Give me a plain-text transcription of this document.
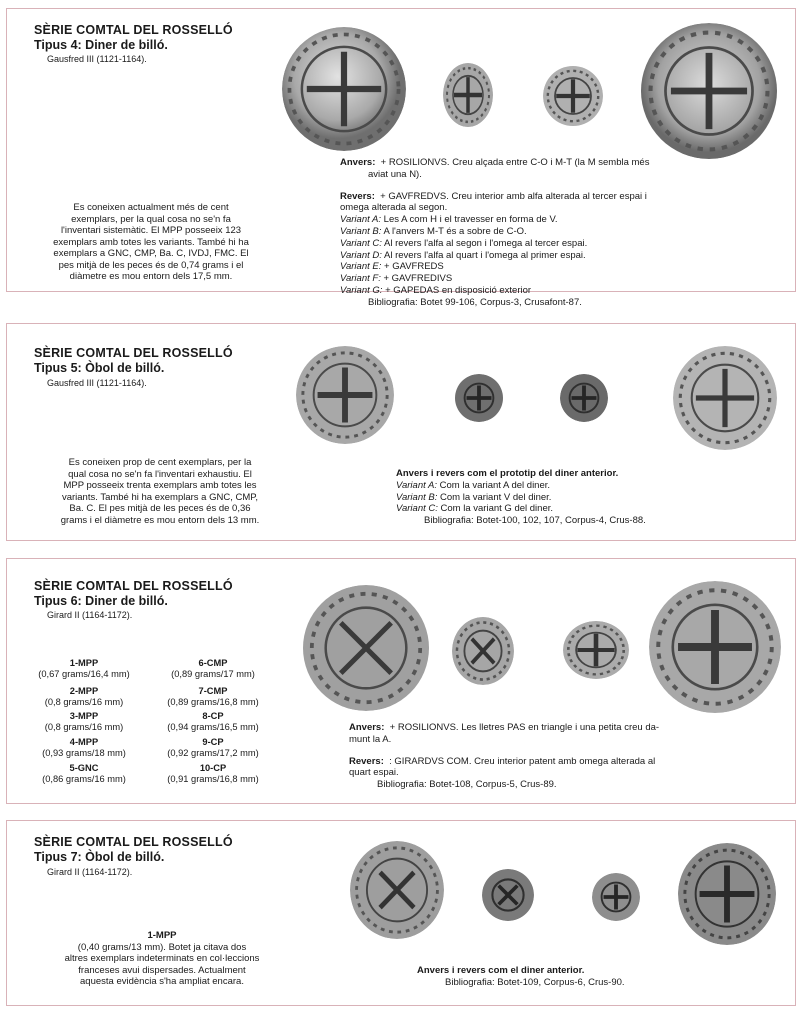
SÈRIE COMTAL DEL ROSSELLÓ
Tipus 4: Diner de billó.
Gausfred III (1121-1164).
Es coneixen actualment més de cent
exemplars, per la qual cosa no se'n fa
l'inventari sistemàtic. El MPP posseeix 123
exemplars amb totes les variants. També hi ha
exemplars a GNC, CMP, Ba. C, IVDJ, FMC. El
pes mitjà de les peces és de 0,74 grams i el
diàmetre es mou entorn dels 17,5 mm.
Anvers: + ROSILIONVS. Creu alçada entre C-O i M-T (la M sembla més
aviat una N).
Revers: + GAVFREDVS. Creu interior amb alfa alterada al tercer espai i
omega alterada al segon.
Variant A: Les A com H i el travesser en forma de V.
Variant B: A l'anvers M-T és a sobre de C-O.
Variant C: Al revers l'alfa al segon i l'omega al tercer espai.
Variant D: Al revers l'alfa al quart i l'omega al primer espai.
Variant E: + GAVFREDS
Variant F: + GAVFREDIVS
Variant G: + GAPEDAS en disposició exterior
Bibliografia: Botet 99-106, Corpus-3, Crusafont-87.
SÈRIE COMTAL DEL ROSSELLÓ
Tipus 5: Òbol de billó.
Gausfred III (1121-1164).
Es coneixen prop de cent exemplars, per la
qual cosa no se'n fa l'inventari exhaustiu. El
MPP posseeix trenta exemplars amb totes les
variants. També hi ha exemplars a GNC, CMP,
Ba. C. El pes mitjà de les peces és de 0,36
grams i el diàmetre es mou entorn dels 13 mm.
Anvers i revers com el prototip del diner anterior.
Variant A: Com la variant A del diner.
Variant B: Com la variant V del diner.
Variant C: Com la variant G del diner.
Bibliografia: Botet-100, 102, 107, Corpus-4, Crus-88.
SÈRIE COMTAL DEL ROSSELLÓ
Tipus 6: Diner de billó.
Girard II (1164-1172).
1-MPP
(0,67 grams/16,4 mm)
2-MPP
(0,8 grams/16 mm)
3-MPP
(0,8 grams/16 mm)
4-MPP
(0,93 grams/18 mm)
5-GNC
(0,86 grams/16 mm)
6-CMP
(0,89 grams/17 mm)
7-CMP
(0,89 grams/16,8 mm)
8-CP
(0,94 grams/16,5 mm)
9-CP
(0,92 grams/17,2 mm)
10-CP
(0,91 grams/16,8 mm)
Anvers: + ROSILIONVS. Les lletres PAS en triangle i una petita creu da-
munt la A.
Revers: : GIRARDVS COM. Creu interior patent amb omega alterada al
quart espai.
Bibliografia: Botet-108, Corpus-5, Crus-89.
SÈRIE COMTAL DEL ROSSELLÓ
Tipus 7: Òbol de billó.
Girard II (1164-1172).
1-MPP
(0,40 grams/13 mm). Botet ja citava dos
altres exemplars indeterminats en col·leccions
franceses avui dispersades. Actualment
aquesta evidència s'ha ampliat encara.
Anvers i revers com el diner anterior.
Bibliografia: Botet-109, Corpus-6, Crus-90.
